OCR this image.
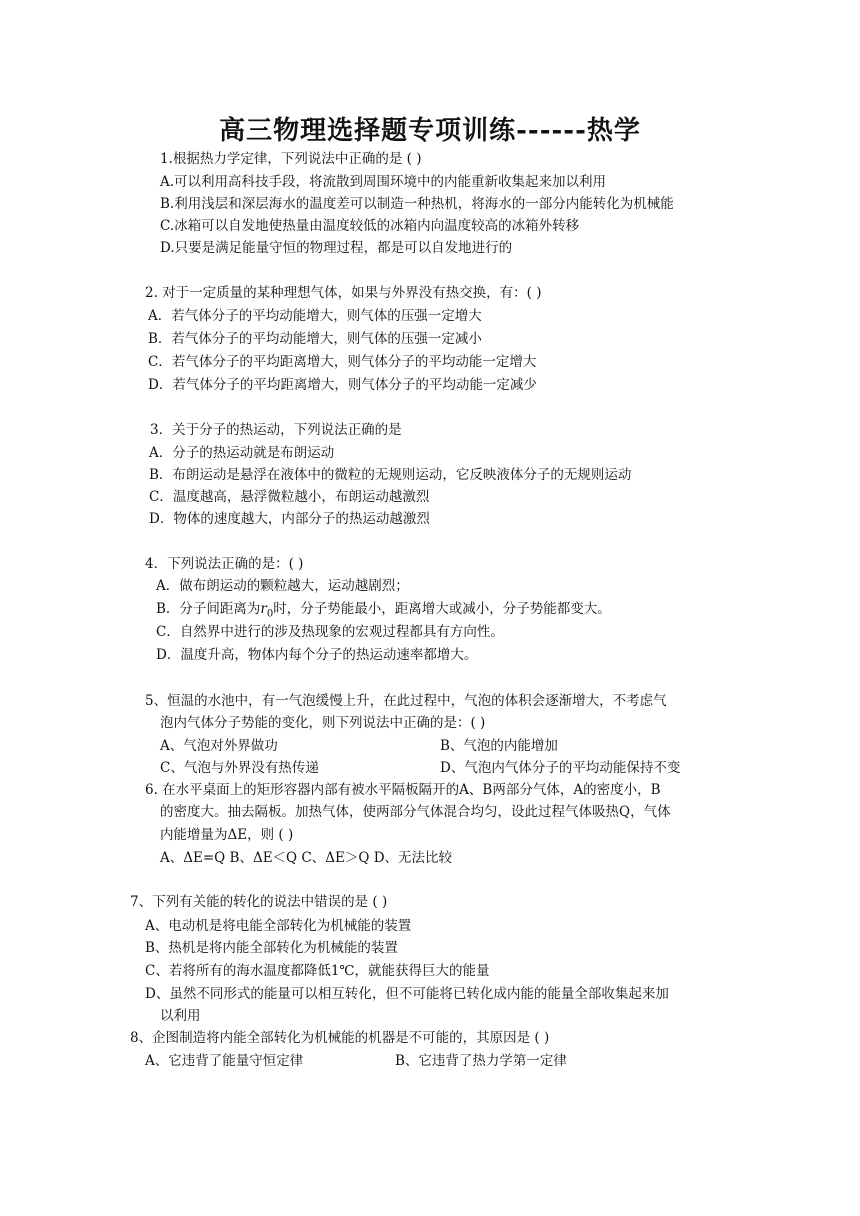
高三物理选择题专项训练------热学
1.根据热力学定律，下列说法中正确的是 ( )
A.可以利用高科技手段，将流散到周围环境中的内能重新收集起来加以利用
B.利用浅层和深层海水的温度差可以制造一种热机，将海水的一部分内能转化为机械能
C.冰箱可以自发地使热量由温度较低的冰箱内向温度较高的冰箱外转移
D.只要是满足能量守恒的物理过程，都是可以自发地进行的
2. 对于一定质量的某种理想气体，如果与外界没有热交换，有：( )
A．若气体分子的平均动能增大，则气体的压强一定增大
B．若气体分子的平均动能增大，则气体的压强一定减小
C．若气体分子的平均距离增大，则气体分子的平均动能一定增大
D．若气体分子的平均距离增大，则气体分子的平均动能一定减少
3．关于分子的热运动，下列说法正确的是
A．分子的热运动就是布朗运动
B．布朗运动是悬浮在液体中的微粒的无规则运动，它反映液体分子的无规则运动
C．温度越高，悬浮微粒越小，布朗运动越激烈
D．物体的速度越大，内部分子的热运动越激烈
4．下列说法正确的是：( )
A．做布朗运动的颗粒越大，运动越剧烈；
B．分子间距离为$r_0$时，分子势能最小，距离增大或减小，分子势能都变大。
C．自然界中进行的涉及热现象的宏观过程都具有方向性。
D．温度升高，物体内每个分子的热运动速率都增大。
5、恒温的水池中，有一气泡缓慢上升，在此过程中，气泡的体积会逐渐增大，不考虑气
泡内气体分子势能的变化，则下列说法中正确的是：( )
A、气泡对外界做功	B、气泡的内能增加
C、气泡与外界没有热传递	D、气泡内气体分子的平均动能保持不变
6. 在水平桌面上的矩形容器内部有被水平隔板隔开的A、B两部分气体，A的密度小，B
的密度大。抽去隔板。加热气体，使两部分气体混合均匀，设此过程气体吸热Q，气体
内能增量为ΔE，则 ( )
A、ΔE=Q B、ΔE＜Q C、ΔE＞Q D、无法比较
7、下列有关能的转化的说法中错误的是 ( )
A、电动机是将电能全部转化为机械能的装置
B、热机是将内能全部转化为机械能的装置
C、若将所有的海水温度都降低1℃，就能获得巨大的能量
D、虽然不同形式的能量可以相互转化，但不可能将已转化成内能的能量全部收集起来加
以利用
8、企图制造将内能全部转化为机械能的机器是不可能的，其原因是 ( )
A、它违背了能量守恒定律	B、它违背了热力学第一定律
